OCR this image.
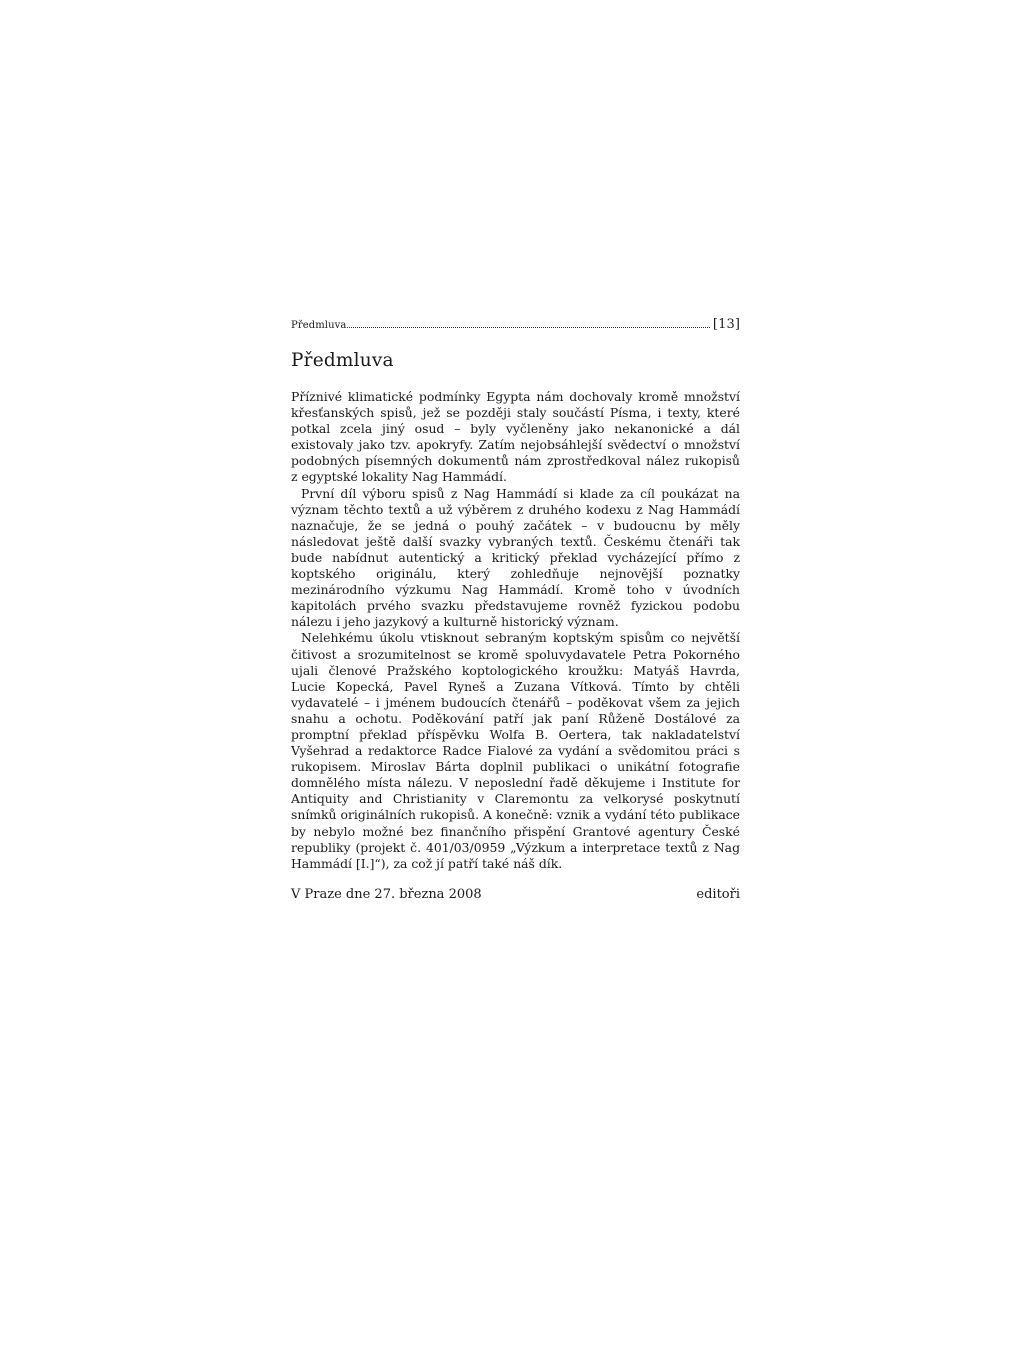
Předmluva	[13]
Předmluva

Příznivé klimatické podmínky Egypta nám dochovaly kromě množství křesťanských spisů, jež se později staly součástí Písma, i texty, které potkal zcela jiný osud – byly vyčleněny jako nekanonické a dál existovaly jako tzv. apokryfy. Zatím nejobsáhlejší svědectví o množství podobných písemných dokumentů nám zprostředkoval nález rukopisů z egyptské lokality Nag Hammádí.

První díl výboru spisů z Nag Hammádí si klade za cíl poukázat na význam těchto textů a už výběrem z druhého kodexu z Nag Hammádí naznačuje, že se jedná o pouhý začátek – v budoucnu by měly následovat ještě další svazky vybraných textů. Českému čtenáři tak bude nabídnut autentický a kritický překlad vycházející přímo z koptského originálu, který zohledňuje nejnovější poznatky mezinárodního výzkumu Nag Hammádí. Kromě toho v úvodních kapitolách prvého svazku představujeme rovněž fyzickou podobu nálezu i jeho jazykový a kulturně historický význam.

Nelehkému úkolu vtisknout sebraným koptským spisům co největší čitivost a srozumitelnost se kromě spoluvydavatele Petra Pokorného ujali členové Pražského koptologického kroužku: Matyáš Havrda, Lucie Kopecká, Pavel Ryneš a Zuzana Vítková. Tímto by chtěli vydavatelé – i jménem budoucích čtenářů – poděkovat všem za jejich snahu a ochotu. Poděkování patří jak paní Růženě Dostálové za promptní překlad příspěvku Wolfa B. Oertera, tak nakladatelství Vyšehrad a redaktorce Radce Fialové za vydání a svědomitou práci s rukopisem. Miroslav Bárta doplnil publikaci o unikátní fotografie domnělého místa nálezu. V neposlední řadě děkujeme i Institute for Antiquity and Christianity v Claremontu za velkorysé poskytnutí snímků originálních rukopisů. A konečně: vznik a vydání této publikace by nebylo možné bez finančního přispění Grantové agentury České republiky (projekt č. 401/03/0959 „Výzkum a interpretace textů z Nag Hammádí [I.]“), za což jí patří také náš dík.

V Praze dne 27. března 2008	editoři
